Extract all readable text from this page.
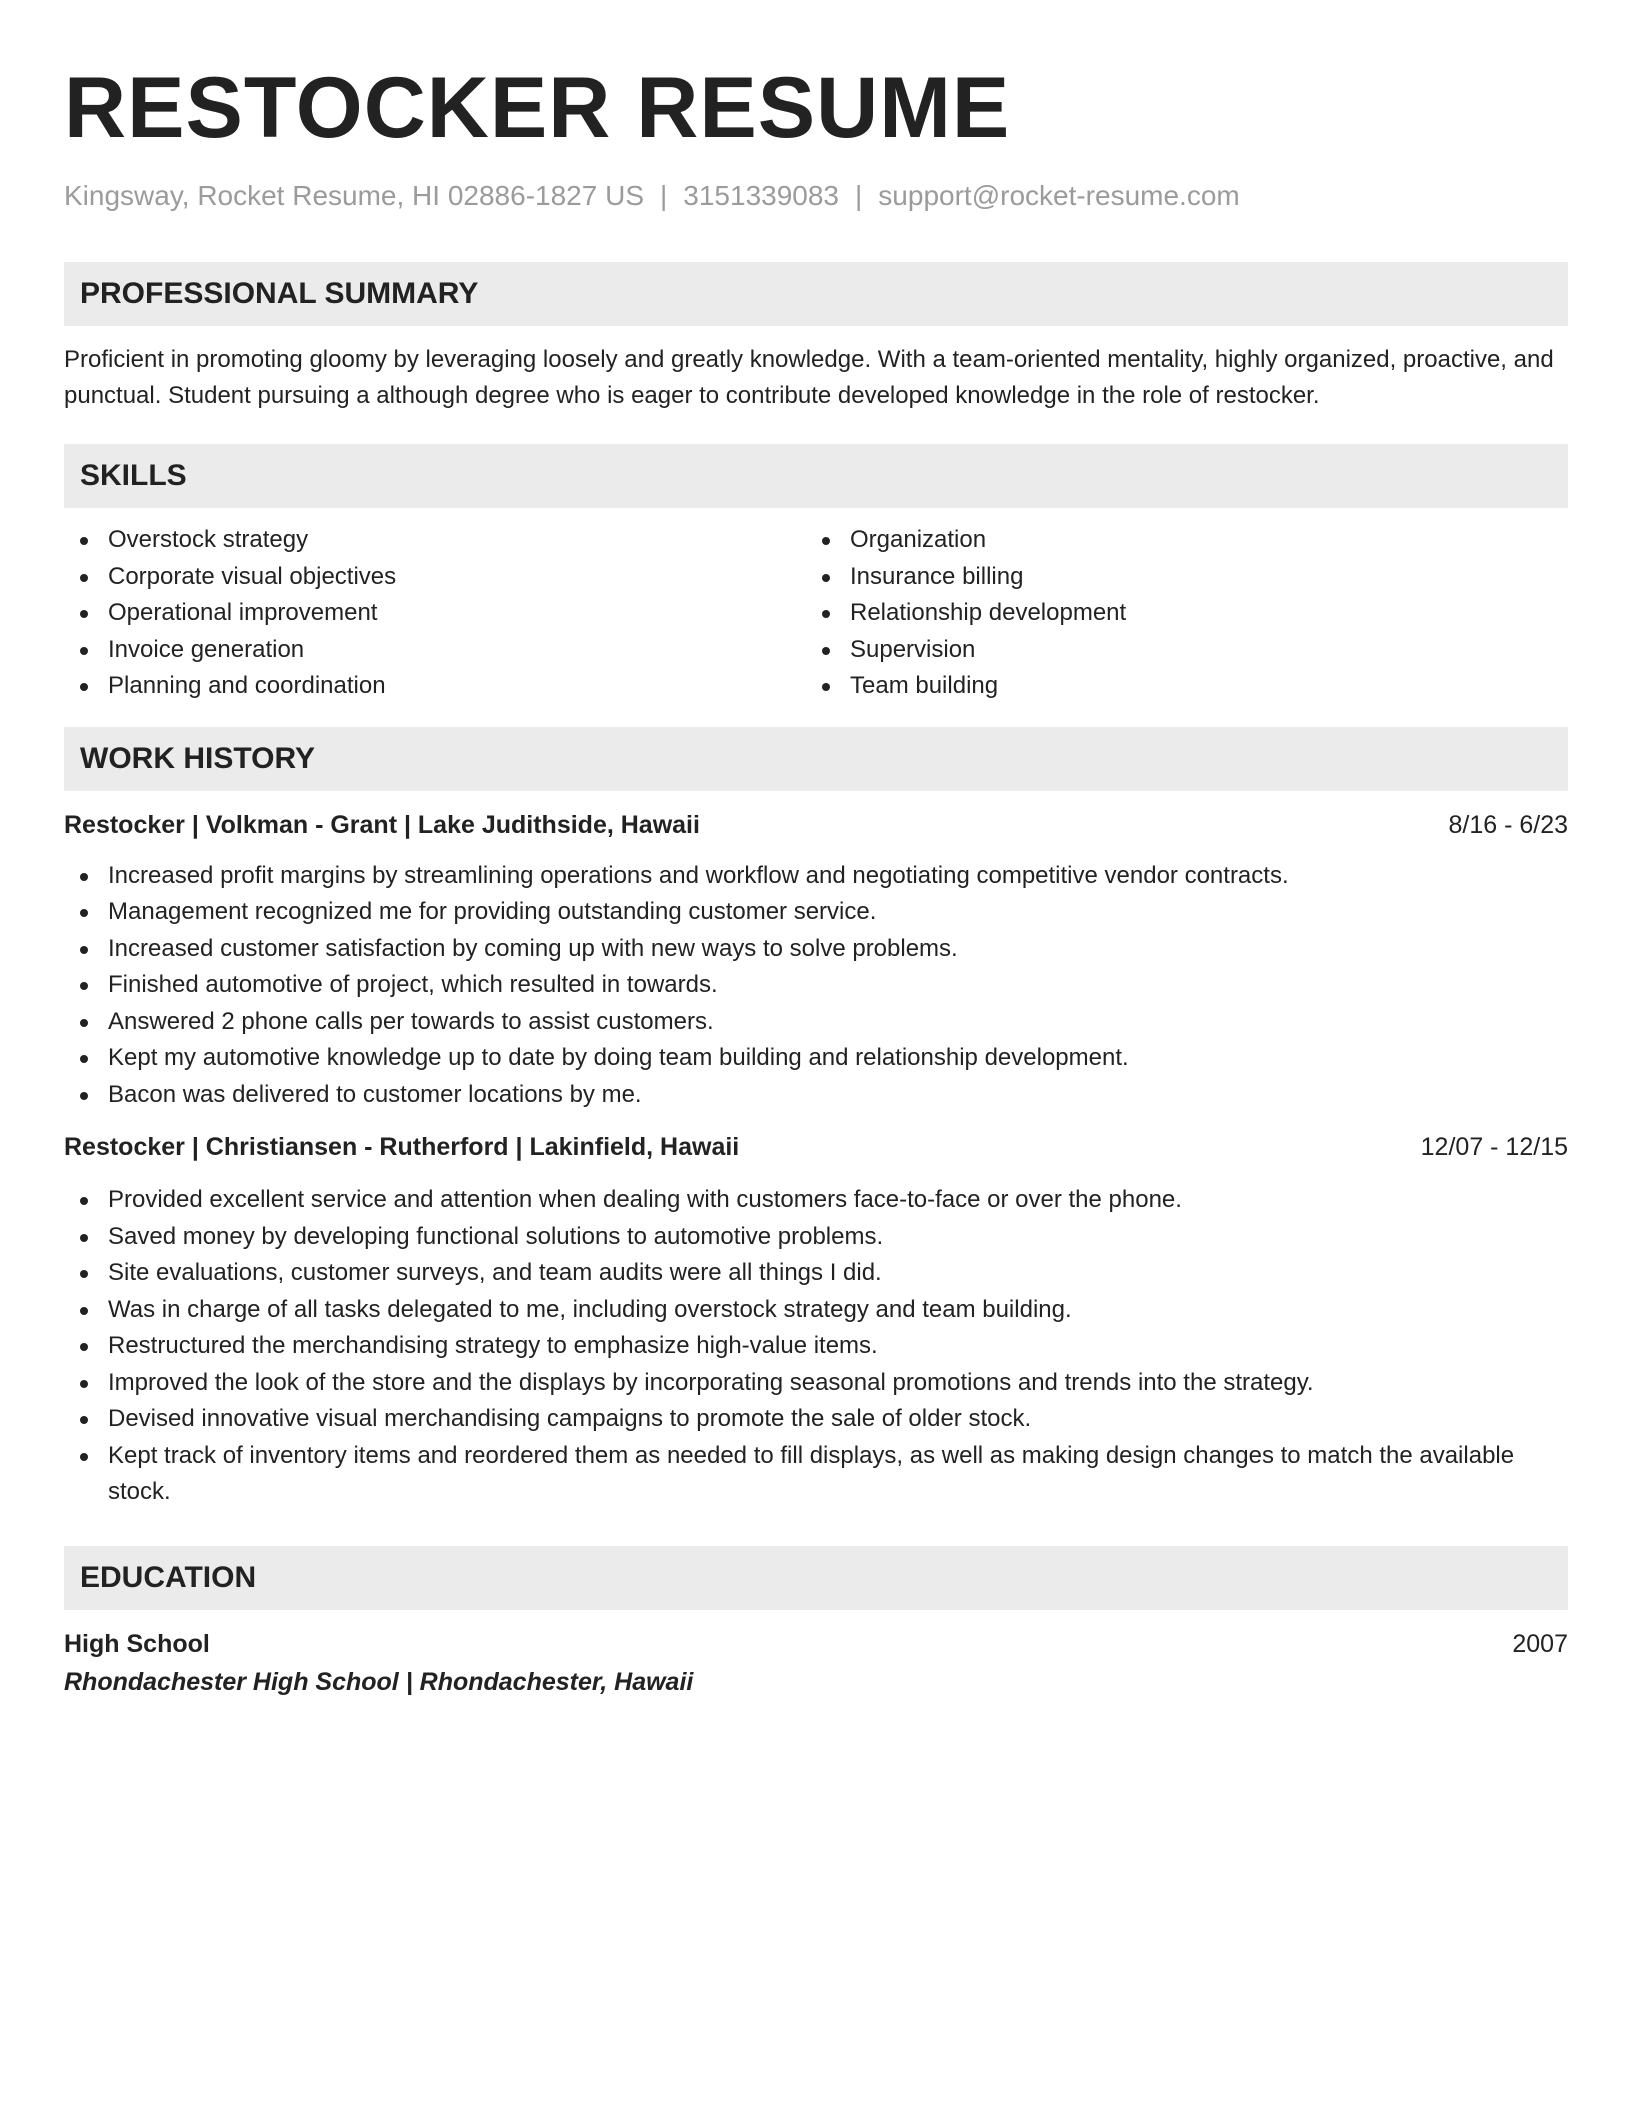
RESTOCKER RESUME
Kingsway, Rocket Resume, HI 02886-1827 US | 3151339083 | support@rocket-resume.com
PROFESSIONAL SUMMARY

Proficient in promoting gloomy by leveraging loosely and greatly knowledge. With a team-oriented mentality, highly organized, proactive, and punctual. Student pursuing a although degree who is eager to contribute developed knowledge in the role of restocker.

SKILLS
Overstock strategy
Corporate visual objectives
Operational improvement
Invoice generation
Planning and coordination
Organization
Insurance billing
Relationship development
Supervision
Team building
WORK HISTORY
Restocker | Volkman - Grant | Lake Judithside, Hawaii	8/16 - 6/23
Increased profit margins by streamlining operations and workflow and negotiating competitive vendor contracts.
Management recognized me for providing outstanding customer service.
Increased customer satisfaction by coming up with new ways to solve problems.
Finished automotive of project, which resulted in towards.
Answered 2 phone calls per towards to assist customers.
Kept my automotive knowledge up to date by doing team building and relationship development.
Bacon was delivered to customer locations by me.
Restocker | Christiansen - Rutherford | Lakinfield, Hawaii	12/07 - 12/15
Provided excellent service and attention when dealing with customers face-to-face or over the phone.
Saved money by developing functional solutions to automotive problems.
Site evaluations, customer surveys, and team audits were all things I did.
Was in charge of all tasks delegated to me, including overstock strategy and team building.
Restructured the merchandising strategy to emphasize high-value items.
Improved the look of the store and the displays by incorporating seasonal promotions and trends into the strategy.
Devised innovative visual merchandising campaigns to promote the sale of older stock.
Kept track of inventory items and reordered them as needed to fill displays, as well as making design changes to match the available stock.
EDUCATION
High School	2007
Rhondachester High School | Rhondachester, Hawaii
